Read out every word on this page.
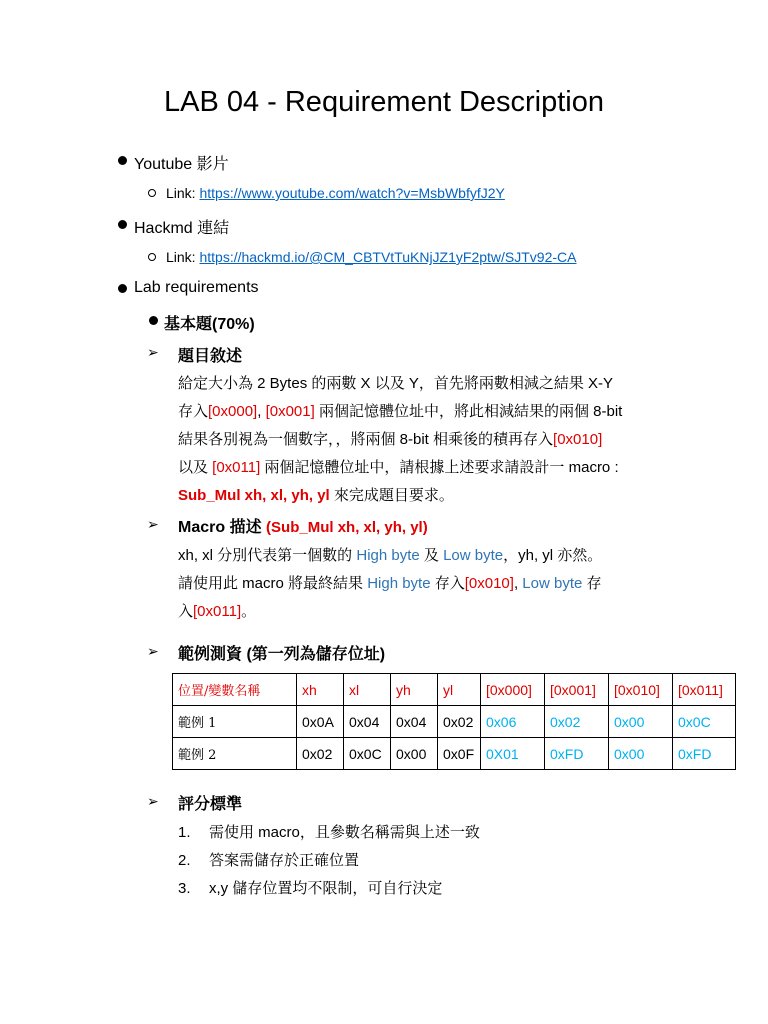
LAB 04 - Requirement Description
Youtube 影片
Link: https://www.youtube.com/watch?v=MsbWbfyfJ2Y
Hackmd 連結
Link: https://hackmd.io/@CM_CBTVtTuKNjJZ1yF2ptw/SJTv92-CA
Lab requirements
基本題(70%)
➢ 題目敘述
給定大小為 2 Bytes 的兩數 X 以及 Y，首先將兩數相減之結果 X-Y
存入[0x000], [0x001] 兩個記憶體位址中，將此相減結果的兩個 8-bit
結果各別視為一個數字，，將兩個 8-bit 相乘後的積再存入[0x010]
以及 [0x011] 兩個記憶體位址中，請根據上述要求請設計一 macro :
Sub_Mul xh, xl, yh, yl 來完成題目要求。
➢ Macro 描述 (Sub_Mul xh, xl, yh, yl)
xh, xl 分別代表第一個數的 High byte 及 Low byte，yh, yl 亦然。
請使用此 macro 將最終結果 High byte 存入[0x010], Low byte 存
入[0x011]。
➢ 範例測資 (第一列為儲存位址)
位置/變數名稱	xh	xl	yh	yl	[0x000]	[0x001]	[0x010]	[0x011]
範例 1	0x0A	0x04	0x04	0x02	0x06	0x02	0x00	0x0C
範例 2	0x02	0x0C	0x00	0x0F	0X01	0xFD	0x00	0xFD
➢ 評分標準
1. 需使用 macro，且參數名稱需與上述一致
2. 答案需儲存於正確位置
3. x,y 儲存位置均不限制，可自行決定
